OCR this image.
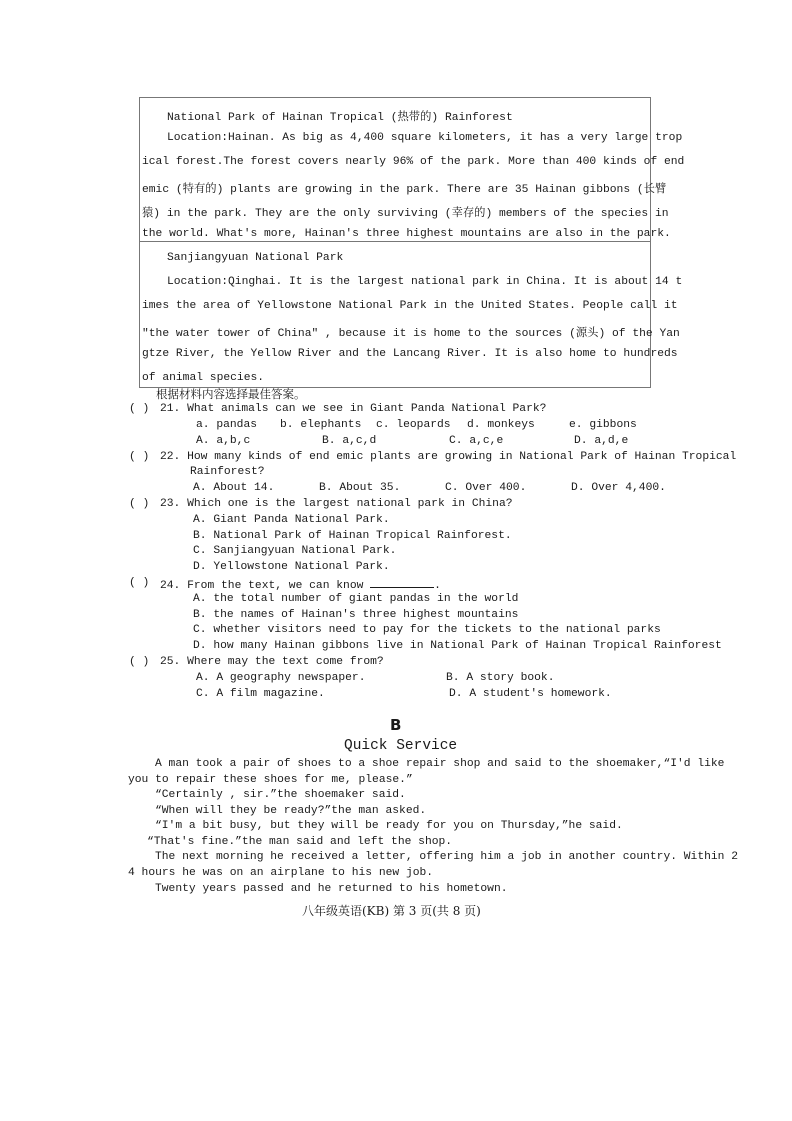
National Park of Hainan Tropical (热带的) Rainforest
Location:Hainan. As big as 4,400 square kilometers, it has a very large trop
ical forest.The forest covers nearly 96% of the park. More than 400 kinds of end
emic (特有的) plants are growing in the park. There are 35 Hainan gibbons (长臂
猿) in the park. They are the only surviving (幸存的) members of the species in
the world. What's more, Hainan's three highest mountains are also in the park.
Sanjiangyuan National Park
Location:Qinghai. It is the largest national park in China. It is about 14 t
imes the area of Yellowstone National Park in the United States. People call it
"the water tower of China" , because it is home to the sources (源头) of the Yan
gtze River, the Yellow River and the Lancang River. It is also home to hundreds
of animal species.
根据材料内容选择最佳答案。
( ) 21. What animals can we see in Giant Panda National Park?
a. pandas b. elephants c. leopards d. monkeys	e. gibbons
A. a,b,c	B. a,c,d	C. a,c,e	D. a,d,e
( ) 22. How many kinds of end emic plants are growing in National Park of Hainan Tropical
Rainforest?
A. About 14.	B. About 35.	C. Over 400.	D. Over 4,400.
( ) 23. Which one is the largest national park in China?
A. Giant Panda National Park.
B. National Park of Hainan Tropical Rainforest.
C. Sanjiangyuan National Park.
D. Yellowstone National Park.
( ) 24. From the text, we can know	.
A. the total number of giant pandas in the world
B. the names of Hainan's three highest mountains
C. whether visitors need to pay for the tickets to the national parks
D. how many Hainan gibbons live in National Park of Hainan Tropical Rainforest
( ) 25. Where may the text come from?
A. A geography newspaper.	B. A story book.
C. A film magazine.	D. A student's homework.
B
Quick Service
A man took a pair of shoes to a shoe repair shop and said to the shoemaker,“I'd like
you to repair these shoes for me, please.”
“Certainly , sir.”the shoemaker said.
“When will they be ready?”the man asked.
“I'm a bit busy, but they will be ready for you on Thursday,”he said.
“That's fine.”the man said and left the shop.
The next morning he received a letter, offering him a job in another country. Within 2
4 hours he was on an airplane to his new job.
Twenty years passed and he returned to his hometown.
八年级英语(KB) 第 3 页(共 8 页)
